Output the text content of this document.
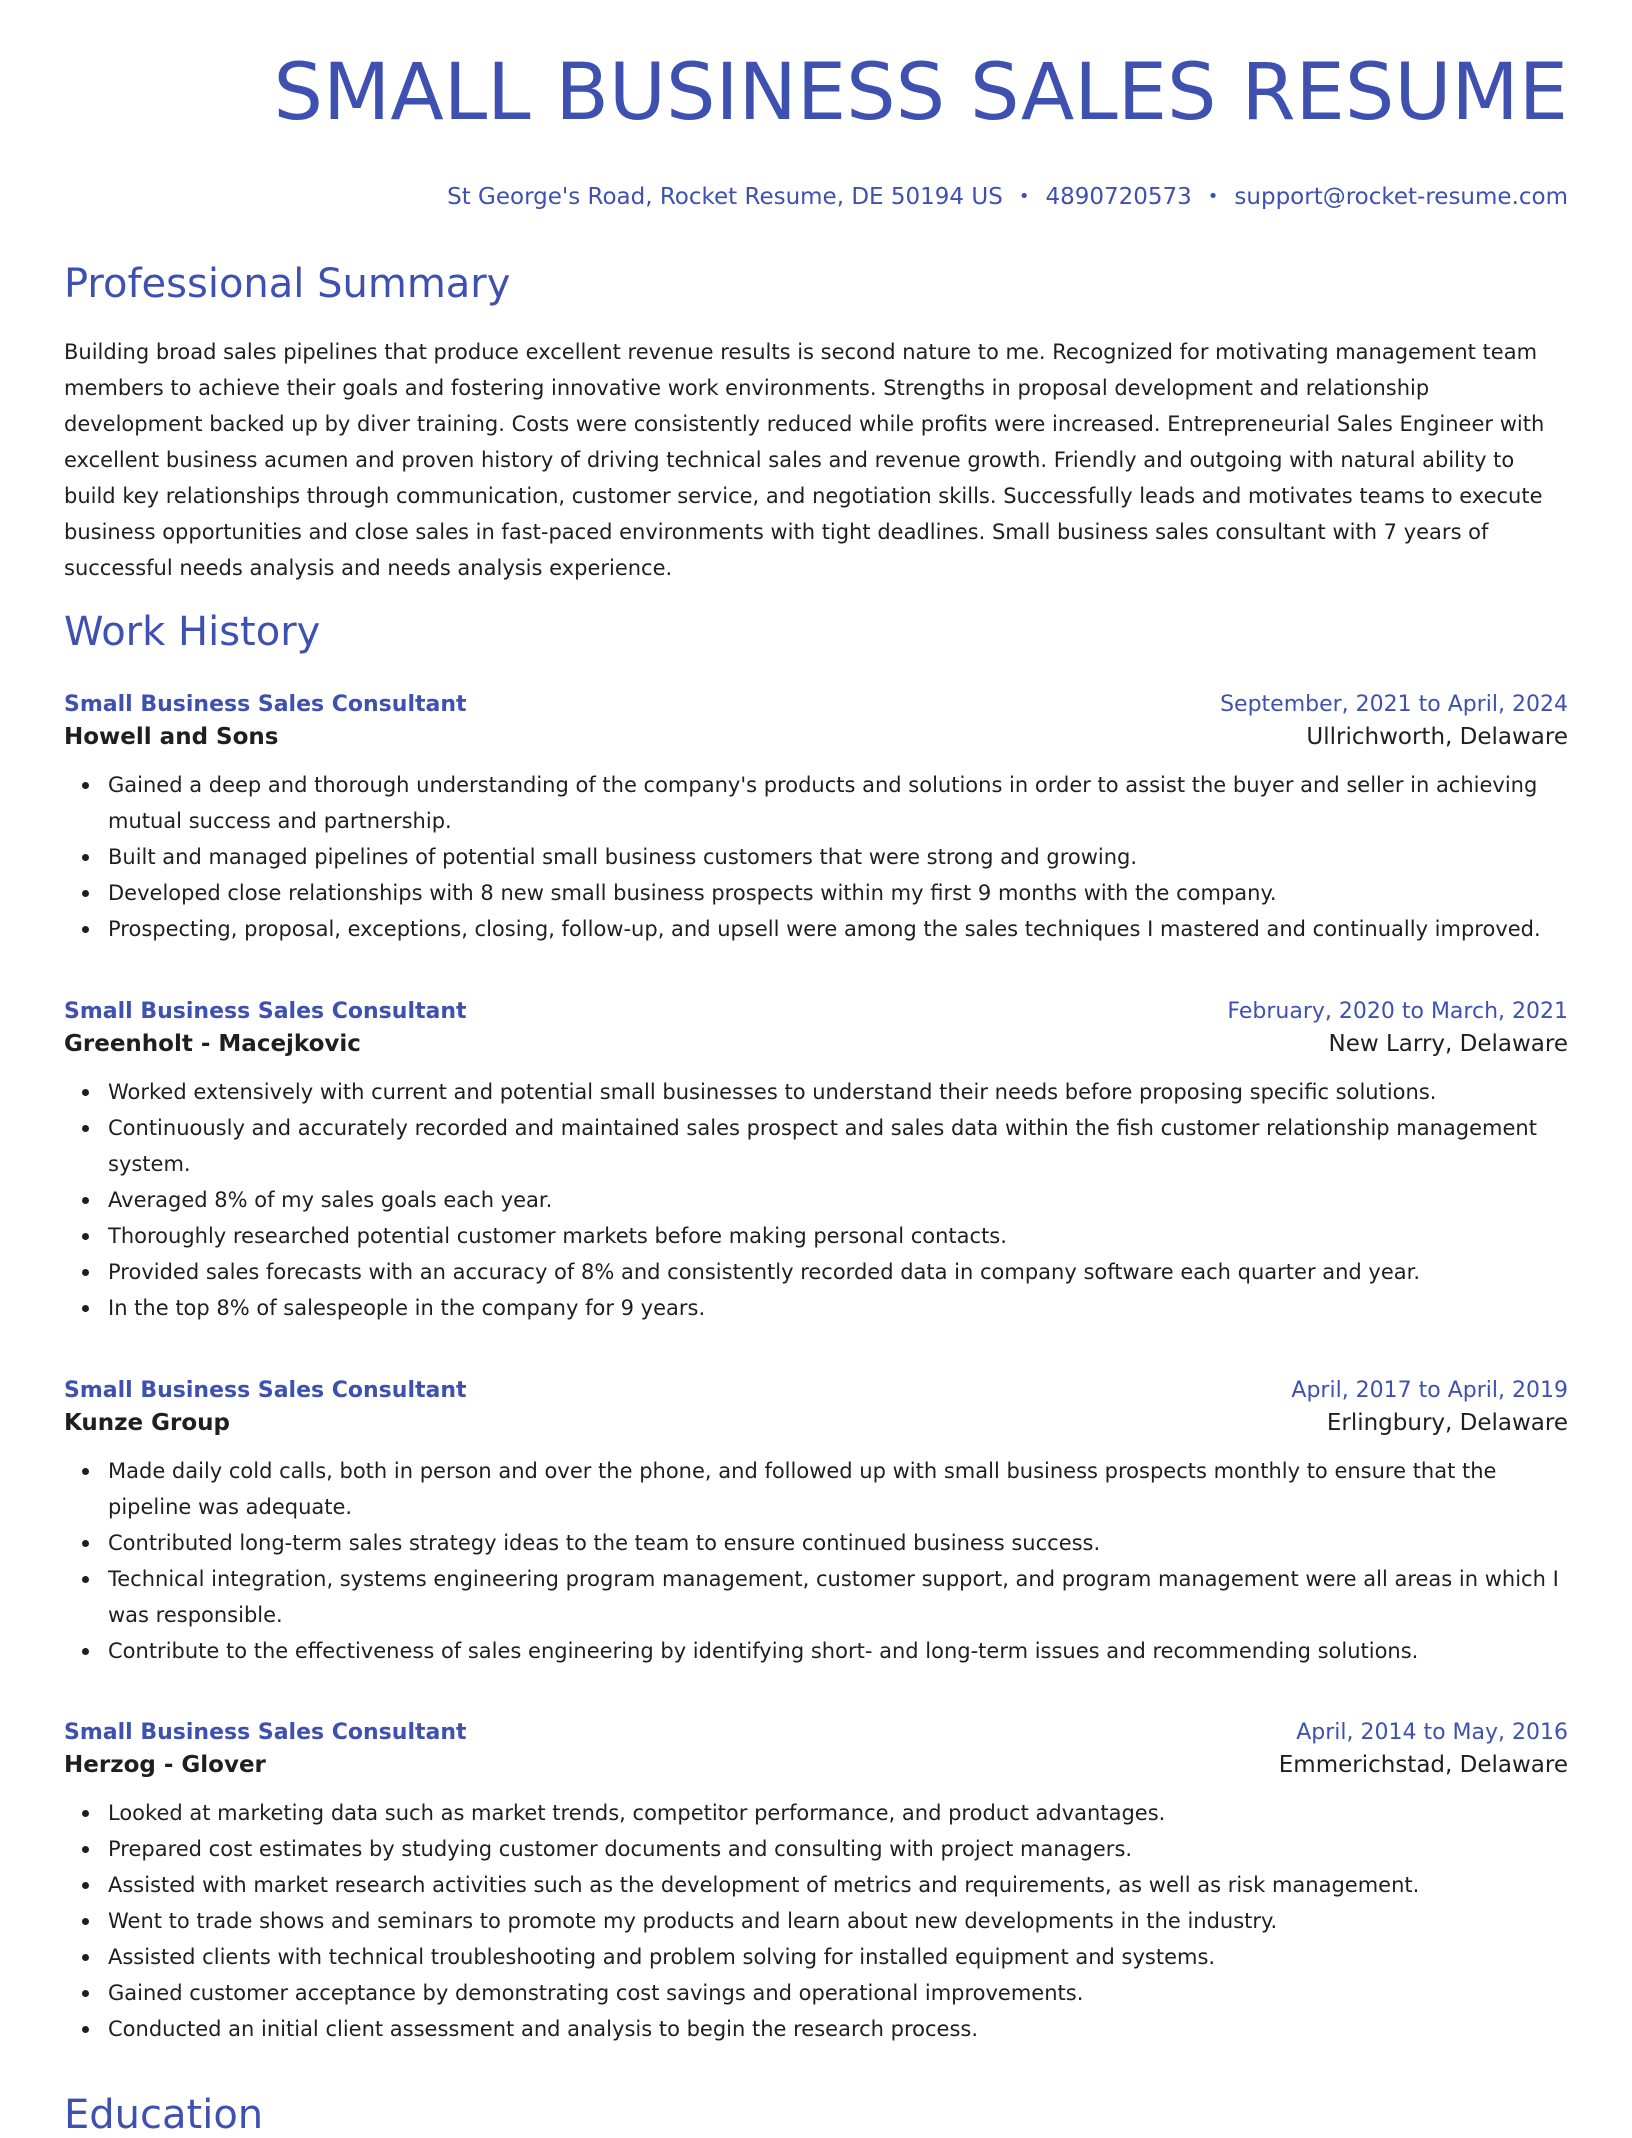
SMALL BUSINESS SALES RESUME
St George's Road, Rocket Resume, DE 50194 US • 4890720573 • support@rocket-resume.com
Professional Summary

Building broad sales pipelines that produce excellent revenue results is second nature to me. Recognized for motivating management team members to achieve their goals and fostering innovative work environments. Strengths in proposal development and relationship development backed up by diver training. Costs were consistently reduced while profits were increased. Entrepreneurial Sales Engineer with excellent business acumen and proven history of driving technical sales and revenue growth. Friendly and outgoing with natural ability to build key relationships through communication, customer service, and negotiation skills. Successfully leads and motivates teams to execute business opportunities and close sales in fast-paced environments with tight deadlines. Small business sales consultant with 7 years of successful needs analysis and needs analysis experience.

Work History
Small Business Sales Consultant	September, 2021 to April, 2024
Howell and Sons	Ullrichworth, Delaware
Gained a deep and thorough understanding of the company's products and solutions in order to assist the buyer and seller in achieving mutual success and partnership.
Built and managed pipelines of potential small business customers that were strong and growing.
Developed close relationships with 8 new small business prospects within my first 9 months with the company.
Prospecting, proposal, exceptions, closing, follow-up, and upsell were among the sales techniques I mastered and continually improved.
Small Business Sales Consultant	February, 2020 to March, 2021
Greenholt - Macejkovic	New Larry, Delaware
Worked extensively with current and potential small businesses to understand their needs before proposing specific solutions.
Continuously and accurately recorded and maintained sales prospect and sales data within the fish customer relationship management system.
Averaged 8% of my sales goals each year.
Thoroughly researched potential customer markets before making personal contacts.
Provided sales forecasts with an accuracy of 8% and consistently recorded data in company software each quarter and year.
In the top 8% of salespeople in the company for 9 years.
Small Business Sales Consultant	April, 2017 to April, 2019
Kunze Group	Erlingbury, Delaware
Made daily cold calls, both in person and over the phone, and followed up with small business prospects monthly to ensure that the pipeline was adequate.
Contributed long-term sales strategy ideas to the team to ensure continued business success.
Technical integration, systems engineering program management, customer support, and program management were all areas in which I was responsible.
Contribute to the effectiveness of sales engineering by identifying short- and long-term issues and recommending solutions.
Small Business Sales Consultant	April, 2014 to May, 2016
Herzog - Glover	Emmerichstad, Delaware
Looked at marketing data such as market trends, competitor performance, and product advantages.
Prepared cost estimates by studying customer documents and consulting with project managers.
Assisted with market research activities such as the development of metrics and requirements, as well as risk management.
Went to trade shows and seminars to promote my products and learn about new developments in the industry.
Assisted clients with technical troubleshooting and problem solving for installed equipment and systems.
Gained customer acceptance by demonstrating cost savings and operational improvements.
Conducted an initial client assessment and analysis to begin the research process.
Education
